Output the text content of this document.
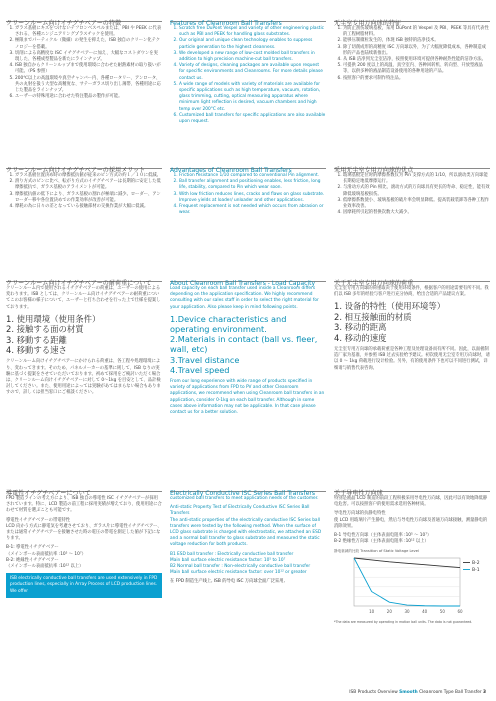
クリーンルーム向けイチグチベアーの特徴
1. ガラス基板にキズをつけないテフロンベスペルまたは、PBI や PEEK に代表される、各種エンジニアリングプラスチックを使用。
2. 極限までパーティクル（微細）の発生を抑えた、ISB 独自のクリーン化テクノロジーを搭載。
3. 切削による高精度な ISC イチグチベアーに加え、大幅なコストダウンを実現した、各種成型製品を新たにラインナップ。
4. ISB 独自からクリーンルップまで使用環境に合わせた耐熱素材の取り扱いが可能。（PS 参照）
5. 200℃以上の高温環境や真空チャンバー内、各種ロータリー、アンロータ、共の丸射を扱う大型な高精度な、サテーガラス切り出し薄帯、各種用途に応じた製品をラインナップ。
6. ユーザーの特殊用途に合わせた特注製品の製作が可能。
クリーンルーム向けイチグチベアーの採用メリット
1. ガラス基板位置決め時の摩擦抵抗値が従来のピン方式の約１／１０に低減。
2. 滑り方式のピンに比べ、転がり方式のイチグチベアーは長期的に安定した低摩擦抵抗で、ガラス基板のアライメントが可能。
3. 摩擦抵抗値の低下により、ガラス基板の割れが極端に減少。ローダー、アンローダー移や各位置決めでの作業効率が改善が可能。
4. 摩耗の為に日々の差となっている接触部材の交換作業が大幅に低減。
クリーンルーム向けイチグチベアーの耐荷重について

クリーンルーム内で使用されるイチグチベアーの荷重は、ユーザーの使用による変わります。ISB としては、クリーンルーム向けイチグチベアーの耐荷重についてこのお客様の様子について、ユーザーと打ち合わせを行った上で仕様を提案しております。

1. 使用環境（使用条件）
2. 接触する面の材質
3. 移動する距離
4. 移動する速さ

クリーンルーム向けイチグチベアーにかけられる荷重は、各工程や処理環境により、変わってきます。そのため、パネルメーカーの基準に則して、ISB なりの実験に基づく提案をさせていただいております。初めて採用をご検討いただく場合は、クリーンルーム向けイチグチベアーに対して 0～1kg を目安として、品計検討してください。また、使用用途によっては実験があてはまらない場合もありますので、詳しくは担当窓口にご相談ください。

導電性イチグチベアーについて

FPD 製造ラインの考え方により、ISB 独自の導電性 ISC イチグチベアーが採用されています。特に、LCD 製造の前工程に採用実績が増えており、使用用途に合わせて材質を選ぶことも可能です。

導電性イチグチベアーの帯電特性

LCD 向かう方式に静電気を考慮させており、ガラス片に導電性イチグチベアー、または通常イチグチベアーを接触させた時の電圧の帯電を測定した値が下記になります。

B-1: 導電性イチグチベアー
（メインボール表面抵抗率 :10⁵ ～ 10⁷）
B-2: 絶縁性イチグチベアー
（メインボール表面抵抗率 :10¹² 以上）
ISB electrically conductive ball transfers are used extensively in FPD production lines, especially in Array Process of LCD production lines. We offer
Features of Cleanroom Ball Transfers
1. Scratch free DuPont Vespel and variety of other engineering plastic such as PBI and PEEK for handling glass substrates.
2. Our original and unique clean technology enables to suppress particle generation to the highest cleanness.
3. We developed a new range of low-cost molded ball transfers in addition to high precision machine-cut ball transfers.
4. Variety of designs, cleaning packages are available upon request for specific environments and Cleanrooms. For more details please contact us.
5. A wide range of models with variety of materials are available for specific applications such as high temperature, vacuum, rotation, glass trimming, cutting, optical measuring apparatus where minimum light reflection is desired, vacuum chambers and high temp over 200°C etc.
6. Customized ball transfers for specific applications are also available upon request.
Advantages of Cleanroom Ball Transfers
1. Friction resistance 1/10 compared to conventional Pin alignment.
2. Ball transfer alignment and positioning enables, less friction, long life, stability, compared to Pin which wear soon.
3. With low friction reduces lines, cracks and flaws on glass substrate. Improve yields at loader/ unloader and other applications.
4. Frequent replacement is not needed which occurs from abrasion or wear.
About Cleanroom Ball Transfers - Load Capacity

Load capacity on each ball transfer used inside a Cleanroom differs depending on the application specification. We highly recommend consulting with our sales staff in order to select the right material for your application. Also please keep in mind following points.

1.Device characteristics and operating environment.
2.Materials in contact (ball vs. fleer, wall, etc)
3.Travel distance
4.Travel speed

From our long experience with wide range of products specified in variety of applications from FPD to PV and other Cleanroom applications, we recommend when using Cleanroom ball transfers in an application, consider 0-1kg on each ball transfer. Although in some cases above information may not be applicable. In that case please contact us for a better solution.

Electrically Conductive ISC Series Ball Transfers

customized ball transfers to meet application needs of the customer.

Anti-static Property Test of Electrically Conductive ISC Series Ball Transfers

The anti-static properties of the electrically conductive ISC Series ball transfers were tested by the following method. When the surface of LCD glass substrate is charged with electrostatic, we attached an ESD and a normal ball transfer to glass substrate and measured the static voltage reduction for both products.

B1 ESD ball transfer : Electrically conductive ball transfer
Main ball surface electric resistance factor: 10⁵ to 10⁷
B2 Normal ball transfer : Non-electrically conductive ball transfer
Main ball surface electric resistance factor: over 10¹² or greater
在 FPD 制造生产线上, ISB 的导电 ISC 万向球全面广泛采用,
无尘室专用万向球的特征
1. 为防止刮伤玻璃基板，采用 DuPont 的 Vespel 及 PBI、PEEK 等具有代表性的工程树脂材料。
2. 能够压制微粒发生的，体现 ISB 独特的洁净技术。
3. 除了切削成形的高精度 ISC 万向球以外，为了大幅度降低成本，各种制造成形的产品也陆续新推出。
4. 从 ISB 洁净到无尘室洁净，按照使用环境可提供各种耐热性能的洁净方法。
5. 可提供 200 度以上的高温、真空室内、各种回转机、转向型、开放型液晶等，以供多种的液晶制造设备使用的各种用途的产品。
6. 按照客户的要求可制作特注品。
采用无尘室专用万向球的优点
1. 玻璃基板定位时的摩擦系数仅为 Pin 支撑方式的 1/10，所以滚动类万向球能长期稳定地低摩擦运行。
2. 与滑动方式的 Pin 相比，滚动方式的万向球具有更长的寿命、稳定性，能有效降低玻璃基板损伤。
3. 低摩擦系数使小、玻璃基板的破片率会明显降低。提高装载装卸等各种工程作业效率改善。
4. 因摩耗所引起的替换次数大大减少。
关于无尘室专用万向球的荷重

无尘室专用万向球的荷重取决于使用环境条件，根据客户的用途需要有所不同。我们以 ISB 多年的经验与客户进行充分协商，给出合适的产品建议方案。

1. 设备的特性（使用环境等）
2. 相互接触面的材质
3. 移动的距离
4. 移动的速度

无尘室专用万向球的承载荷重是各种工程及处理设备而有所不同。因此，以面板制造厂家为基准，并参照 ISB 过去实验给予建议。初次使用无尘室专用万向球时，请以 0 ～ 1kg 荷载进行设计检验。另外，有的使用条件下也可以不同进行测试，详细请与销售代表咨询。

关于导电性万向球

特别是液晶 LCD 制造的前段工程积极采用导电性万向球，因此可以有效地降低静电危害。可以按照客户的使用需求选用各种材质。

导电性万向球的抗静电特性

使 LCD 用玻璃片产生静电，然后与导电性万向球及普通万向球接触，测量静电的消除效果。

B-1 导电性万向球（主体表面电阻率 :10⁵ ～ 10⁷）
B-2 绝缘性万向球（主体表面电阻率 :10¹² 以上）
静电衰减的比较 Transition of Static Voltage Level
10	20	30	40	50	60
B-2
B-1
*The data are measured by operating in motion ball units. The data is not guaranteed.
ISB Products Overview Smooth Cleanroom Type Ball Transfer 3
